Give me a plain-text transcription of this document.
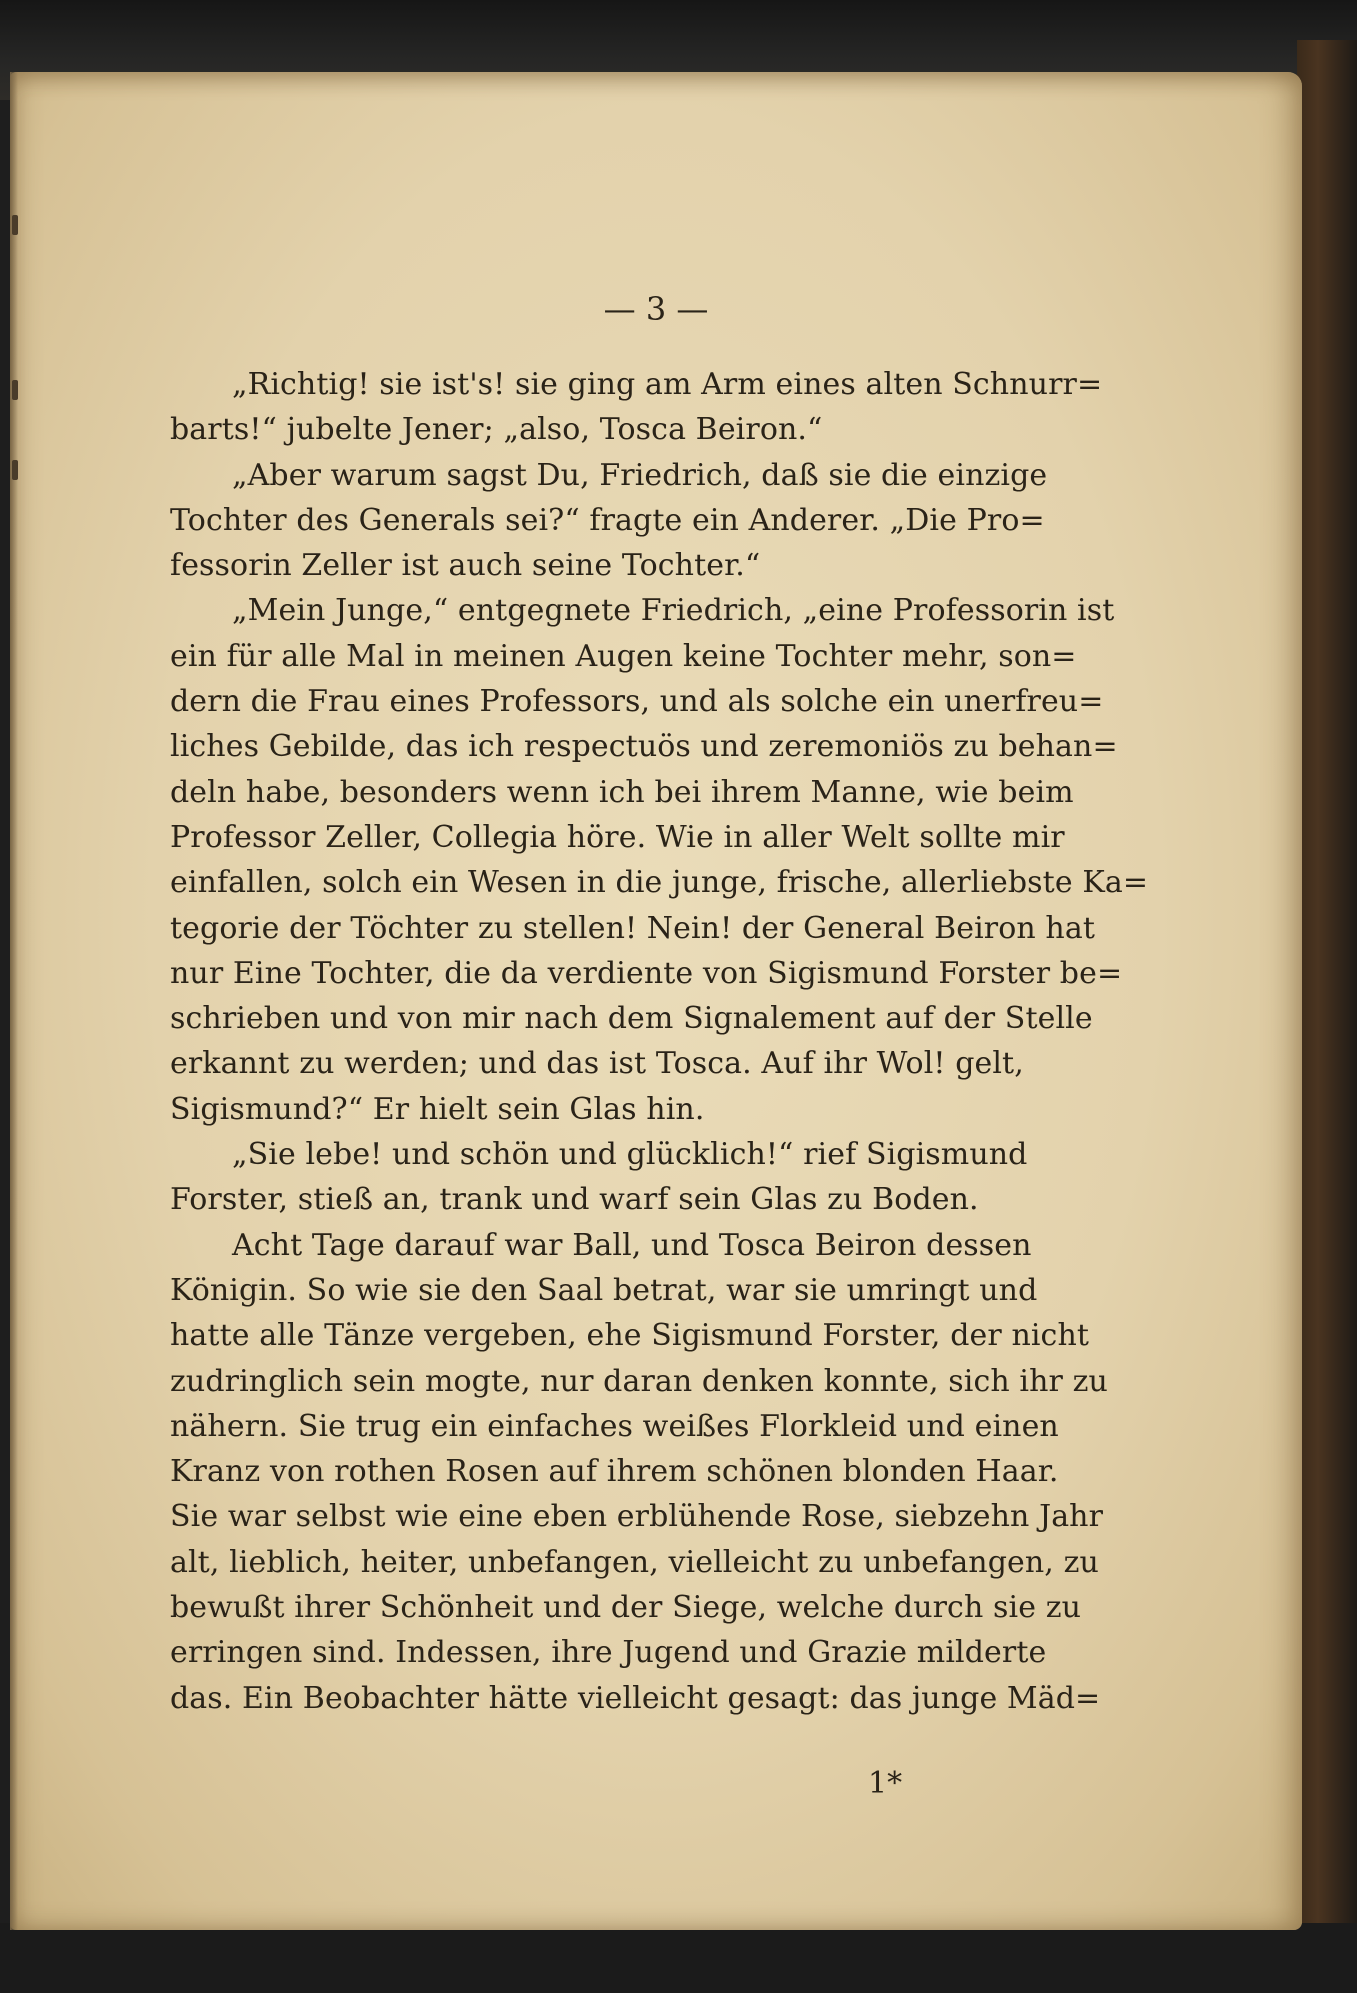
— 3 —
„Richtig! sie ist's! sie ging am Arm eines alten Schnurr=
barts!“ jubelte Jener; „also, Tosca Beiron.“
„Aber warum sagst Du, Friedrich, daß sie die einzige
Tochter des Generals sei?“ fragte ein Anderer. „Die Pro=
fessorin Zeller ist auch seine Tochter.“
„Mein Junge,“ entgegnete Friedrich, „eine Professorin ist
ein für alle Mal in meinen Augen keine Tochter mehr, son=
dern die Frau eines Professors, und als solche ein unerfreu=
liches Gebilde, das ich respectuös und zeremoniös zu behan=
deln habe, besonders wenn ich bei ihrem Manne, wie beim
Professor Zeller, Collegia höre. Wie in aller Welt sollte mir
einfallen, solch ein Wesen in die junge, frische, allerliebste Ka=
tegorie der Töchter zu stellen! Nein! der General Beiron hat
nur Eine Tochter, die da verdiente von Sigismund Forster be=
schrieben und von mir nach dem Signalement auf der Stelle
erkannt zu werden; und das ist Tosca. Auf ihr Wol! gelt,
Sigismund?“ Er hielt sein Glas hin.
„Sie lebe! und schön und glücklich!“ rief Sigismund
Forster, stieß an, trank und warf sein Glas zu Boden.
Acht Tage darauf war Ball, und Tosca Beiron dessen
Königin. So wie sie den Saal betrat, war sie umringt und
hatte alle Tänze vergeben, ehe Sigismund Forster, der nicht
zudringlich sein mogte, nur daran denken konnte, sich ihr zu
nähern. Sie trug ein einfaches weißes Florkleid und einen
Kranz von rothen Rosen auf ihrem schönen blonden Haar.
Sie war selbst wie eine eben erblühende Rose, siebzehn Jahr
alt, lieblich, heiter, unbefangen, vielleicht zu unbefangen, zu
bewußt ihrer Schönheit und der Siege, welche durch sie zu
erringen sind. Indessen, ihre Jugend und Grazie milderte
das. Ein Beobachter hätte vielleicht gesagt: das junge Mäd=
1*
